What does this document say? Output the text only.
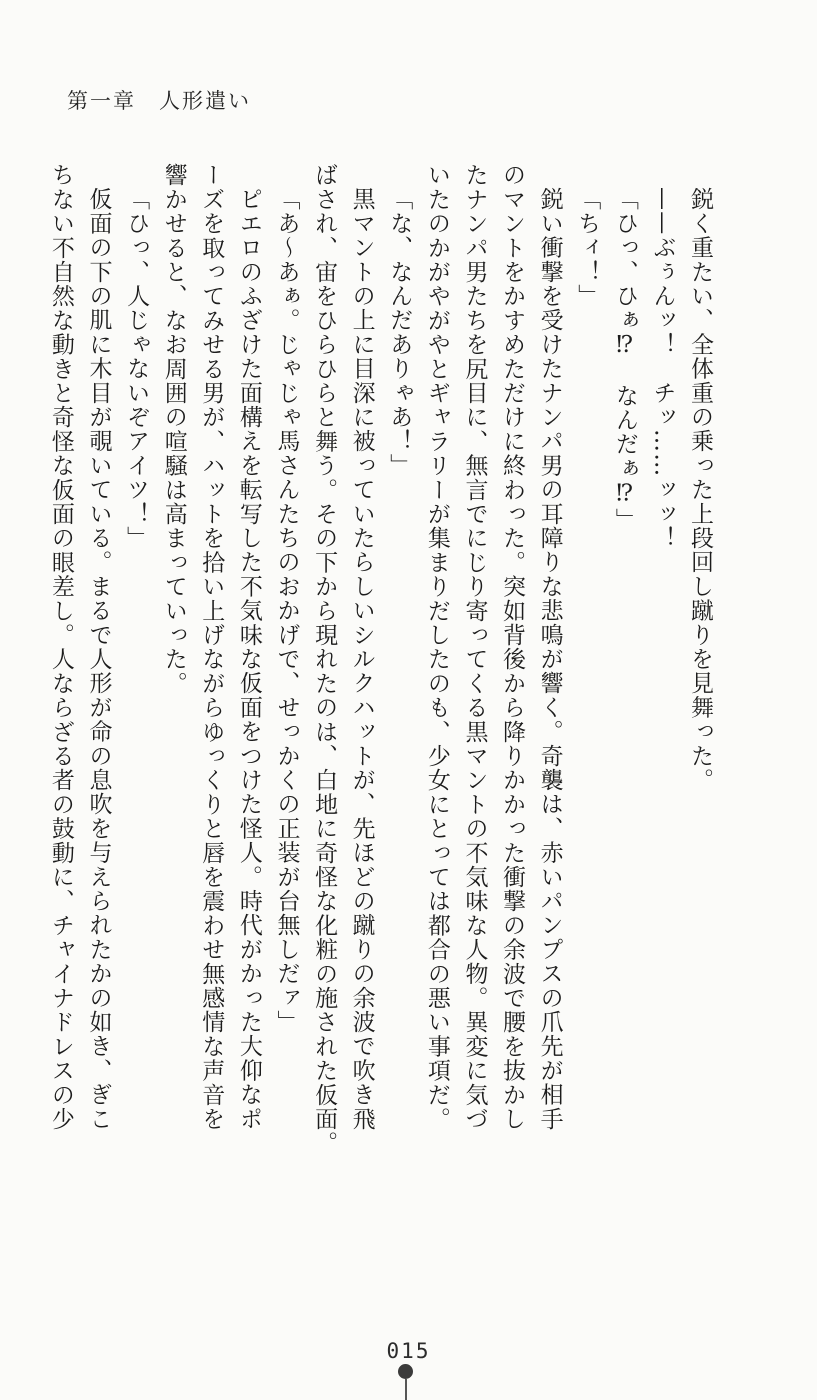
第一章　人形遣い

鋭く重たい、全体重の乗った上段回し蹴りを見舞った。

——ぶぅんッ！　チッ……ッッ！

「ひっ、ひぁ⁉　なんだぁ⁉」

「ちィ！」

鋭い衝撃を受けたナンパ男の耳障りな悲鳴が響く。奇襲は、赤いパンプスの爪先が相手

のマントをかすめただけに終わった。突如背後から降りかかった衝撃の余波で腰を抜かし

たナンパ男たちを尻目に、無言でにじり寄ってくる黒マントの不気味な人物。異変に気づ

いたのかがやがやとギャラリーが集まりだしたのも、少女にとっては都合の悪い事項だ。

「な、なんだありゃあ！」

黒マントの上に目深に被っていたらしいシルクハットが、先ほどの蹴りの余波で吹き飛

ばされ、宙をひらひらと舞う。その下から現れたのは、白地に奇怪な化粧の施された仮面。

「あ〜あぁ。じゃじゃ馬さんたちのおかげで、せっかくの正装が台無しだァ」

ピエロのふざけた面構えを転写した不気味な仮面をつけた怪人。時代がかった大仰なポ

ーズを取ってみせる男が、ハットを拾い上げながらゆっくりと唇を震わせ無感情な声音を

響かせると、なお周囲の喧騒は高まっていった。

「ひっ、人じゃないぞアイツ！」

仮面の下の肌に木目が覗いている。まるで人形が命の息吹を与えられたかの如き、ぎこ

ちない不自然な動きと奇怪な仮面の眼差し。人ならざる者の鼓動に、チャイナドレスの少

015
